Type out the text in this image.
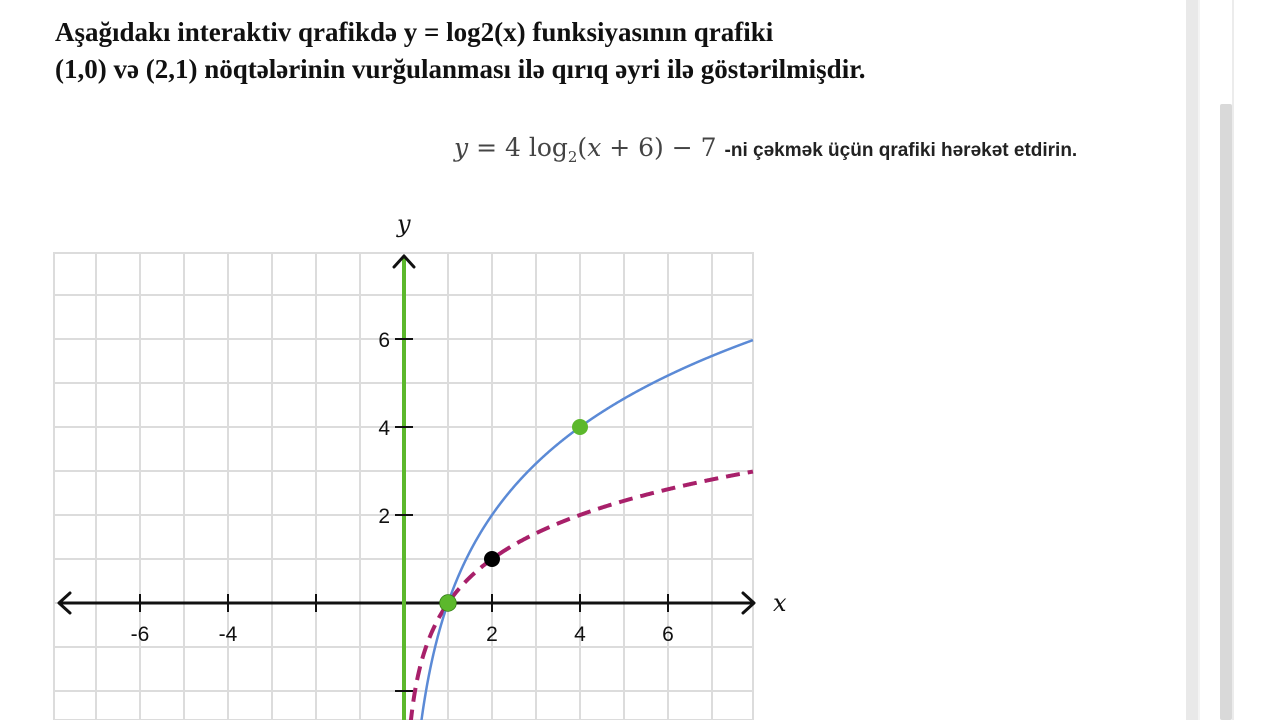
Aşağıdakı interaktiv qrafikdə y = log2(x) funksiyasının qrafiki
(1,0) və (2,1) nöqtələrinin vurğulanması ilə qırıq əyri ilə göstərilmişdir.
y = 4 $\log_2(x + 6) - 7$ -ni çəkmək üçün qrafiki hərəkət etdirin.
x
y
-6	-4	2	4	6
6
4
2
